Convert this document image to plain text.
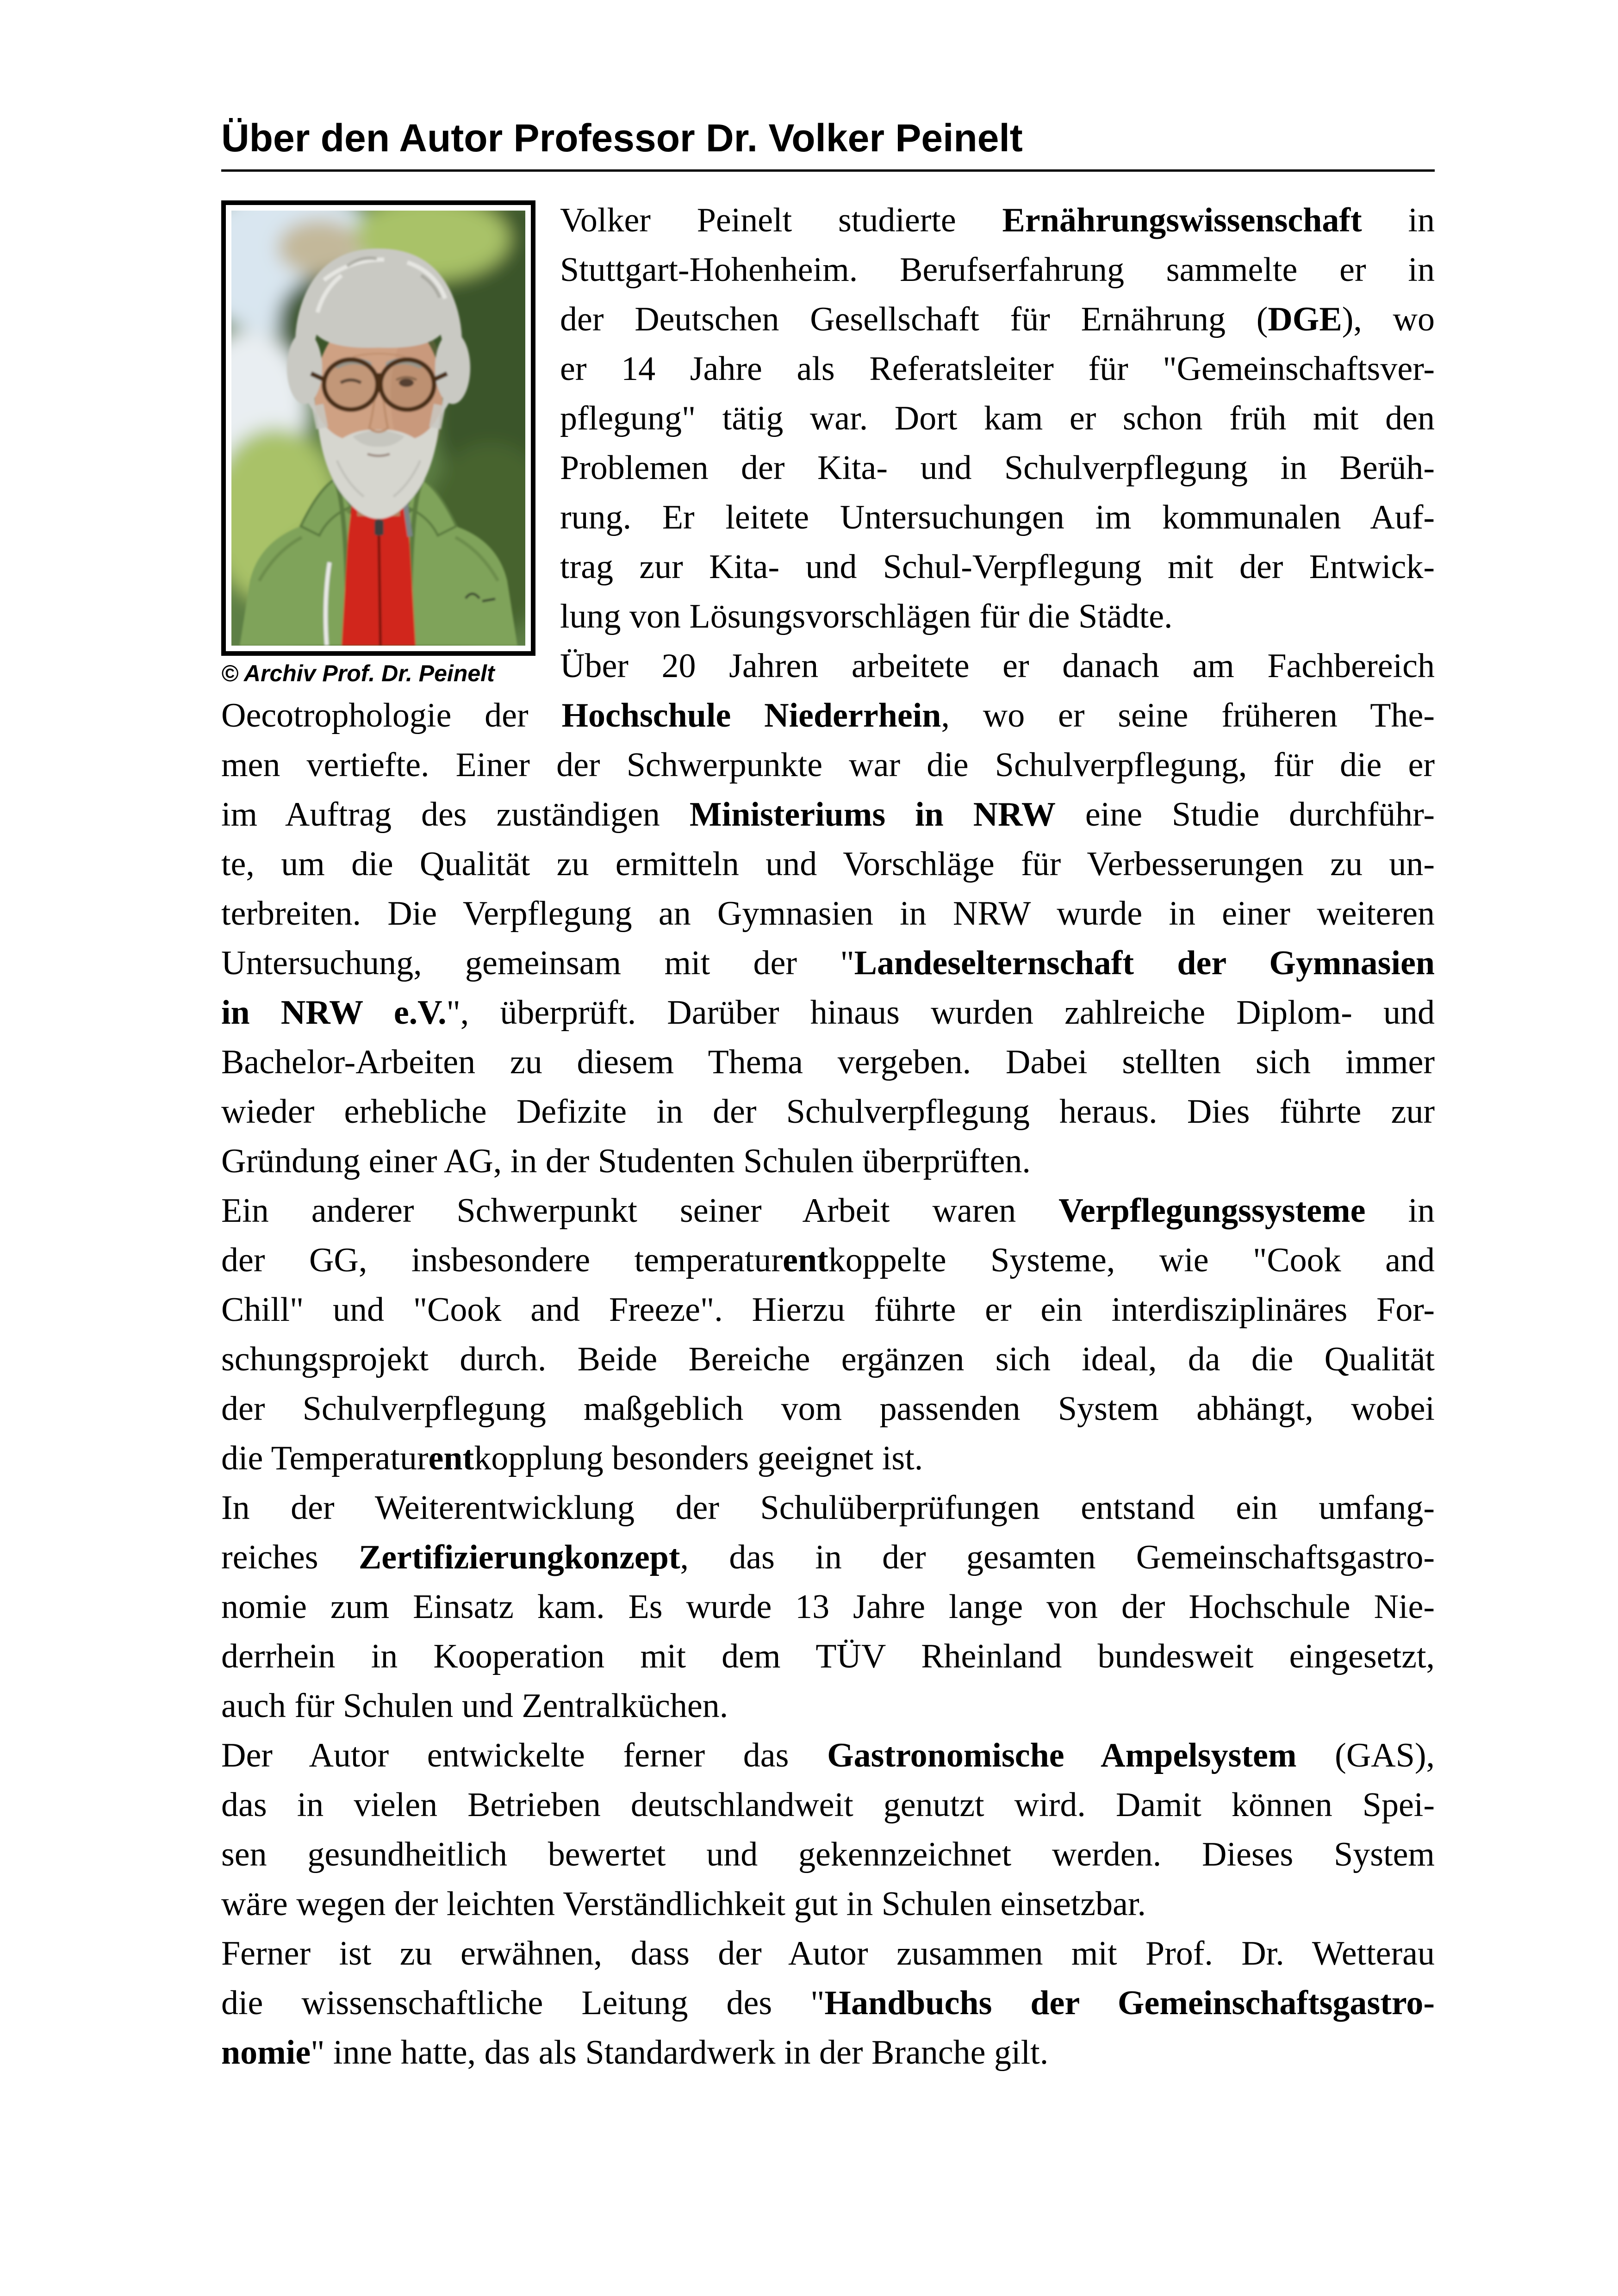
Über den Autor Professor Dr. Volker Peinelt
© Archiv Prof. Dr. Peinelt
Volker Peinelt studierte Ernährungswissenschaft in
Stuttgart-Hohenheim. Berufserfahrung sammelte er in
der Deutschen Gesellschaft für Ernährung (DGE), wo
er 14 Jahre als Referatsleiter für "Gemeinschaftsver-
pflegung" tätig war. Dort kam er schon früh mit den
Problemen der Kita- und Schulverpflegung in Berüh-
rung. Er leitete Untersuchungen im kommunalen Auf-
trag zur Kita- und Schul-Verpflegung mit der Entwick-
lung von Lösungsvorschlägen für die Städte.
Über 20 Jahren arbeitete er danach am Fachbereich
Oecotrophologie der Hochschule Niederrhein, wo er seine früheren The-
men vertiefte. Einer der Schwerpunkte war die Schulverpflegung, für die er
im Auftrag des zuständigen Ministeriums in NRW eine Studie durchführ-
te, um die Qualität zu ermitteln und Vorschläge für Verbesserungen zu un-
terbreiten. Die Verpflegung an Gymnasien in NRW wurde in einer weiteren
Untersuchung, gemeinsam mit der "Landeselternschaft der Gymnasien
in NRW e.V.", überprüft. Darüber hinaus wurden zahlreiche Diplom- und
Bachelor-Arbeiten zu diesem Thema vergeben. Dabei stellten sich immer
wieder erhebliche Defizite in der Schulverpflegung heraus. Dies führte zur
Gründung einer AG, in der Studenten Schulen überprüften.
Ein anderer Schwerpunkt seiner Arbeit waren Verpflegungssysteme in
der GG, insbesondere temperaturentkoppelte Systeme, wie "Cook and
Chill" und "Cook and Freeze". Hierzu führte er ein interdisziplinäres For-
schungsprojekt durch. Beide Bereiche ergänzen sich ideal, da die Qualität
der Schulverpflegung maßgeblich vom passenden System abhängt, wobei
die Temperaturentkopplung besonders geeignet ist.
In der Weiterentwicklung der Schulüberprüfungen entstand ein umfang-
reiches Zertifizierungkonzept, das in der gesamten Gemeinschaftsgastro-
nomie zum Einsatz kam. Es wurde 13 Jahre lange von der Hochschule Nie-
derrhein in Kooperation mit dem TÜV Rheinland bundesweit eingesetzt,
auch für Schulen und Zentralküchen.
Der Autor entwickelte ferner das Gastronomische Ampelsystem (GAS),
das in vielen Betrieben deutschlandweit genutzt wird. Damit können Spei-
sen gesundheitlich bewertet und gekennzeichnet werden. Dieses System
wäre wegen der leichten Verständlichkeit gut in Schulen einsetzbar.
Ferner ist zu erwähnen, dass der Autor zusammen mit Prof. Dr. Wetterau
die wissenschaftliche Leitung des "Handbuchs der Gemeinschaftsgastro-
nomie" inne hatte, das als Standardwerk in der Branche gilt.
